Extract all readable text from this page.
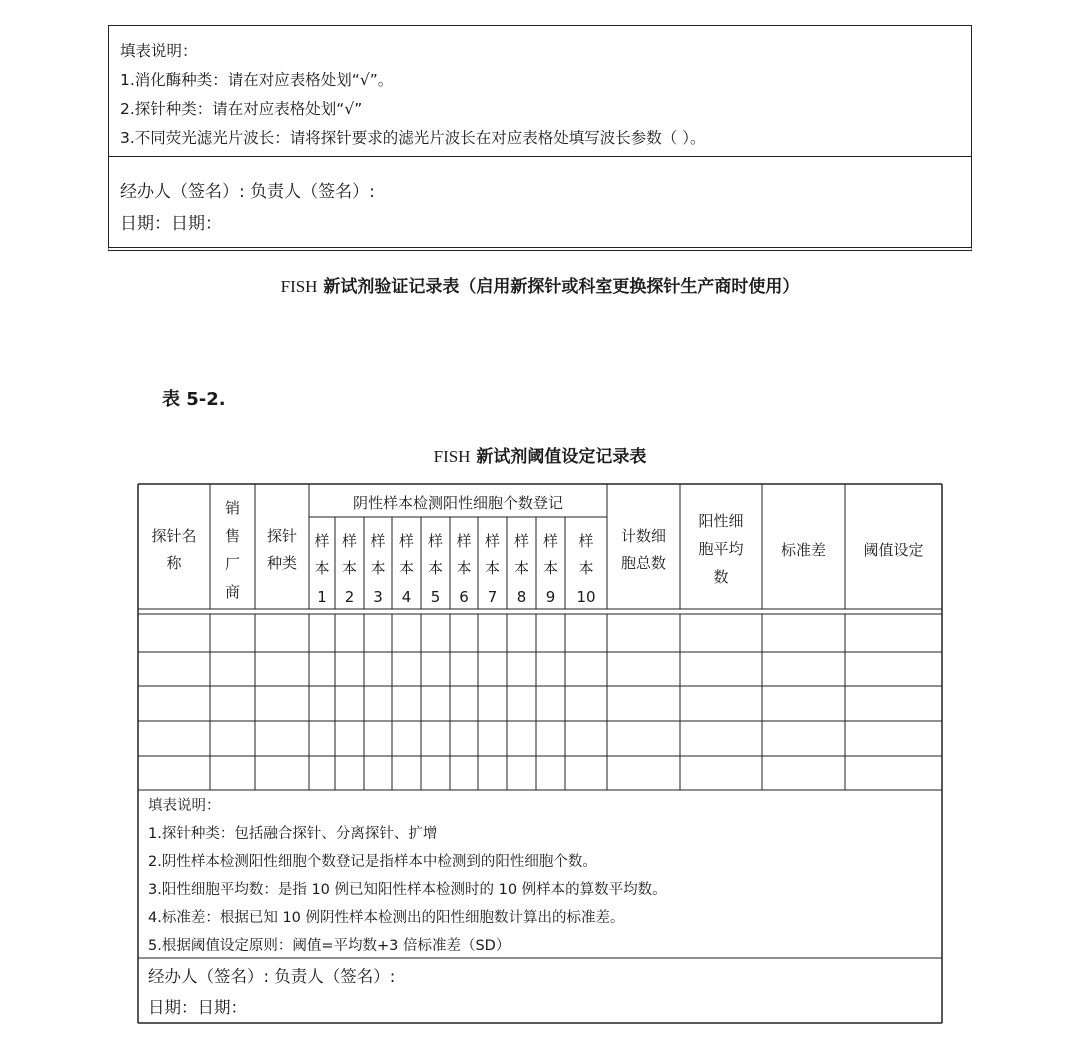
填表说明：
1.消化酶种类：请在对应表格处划“√”。
2.探针种类：请在对应表格处划“√”
3.不同荧光滤光片波长：请将探针要求的滤光片波长在对应表格处填写波长参数（ ）。
经办人（签名）: 负责人（签名）:
日期：日期：
FISH 新试剂验证记录表（启用新探针或科室更换探针生产商时使用）
表 5-2.
FISH 新试剂阈值设定记录表
探针名
称
销
售
厂
商
探针
种类
阴性样本检测阳性细胞个数登记
样
本
1
样
本
2
样
本
3
样
本
4
样
本
5
样
本
6
样
本
7
样
本
8
样
本
9
样
本
10
计数细
胞总数
阳性细
胞平均
数
标准差 阈值设定
填表说明：
1.探针种类：包括融合探针、分离探针、扩增
2.阴性样本检测阳性细胞个数登记是指样本中检测到的阳性细胞个数。
3.阳性细胞平均数：是指 10 例已知阳性样本检测时的 10 例样本的算数平均数。
4.标准差：根据已知 10 例阴性样本检测出的阳性细胞数计算出的标准差。
5.根据阈值设定原则：阈值=平均数+3 倍标准差（SD）
经办人（签名）: 负责人（签名）:
日期：日期：
